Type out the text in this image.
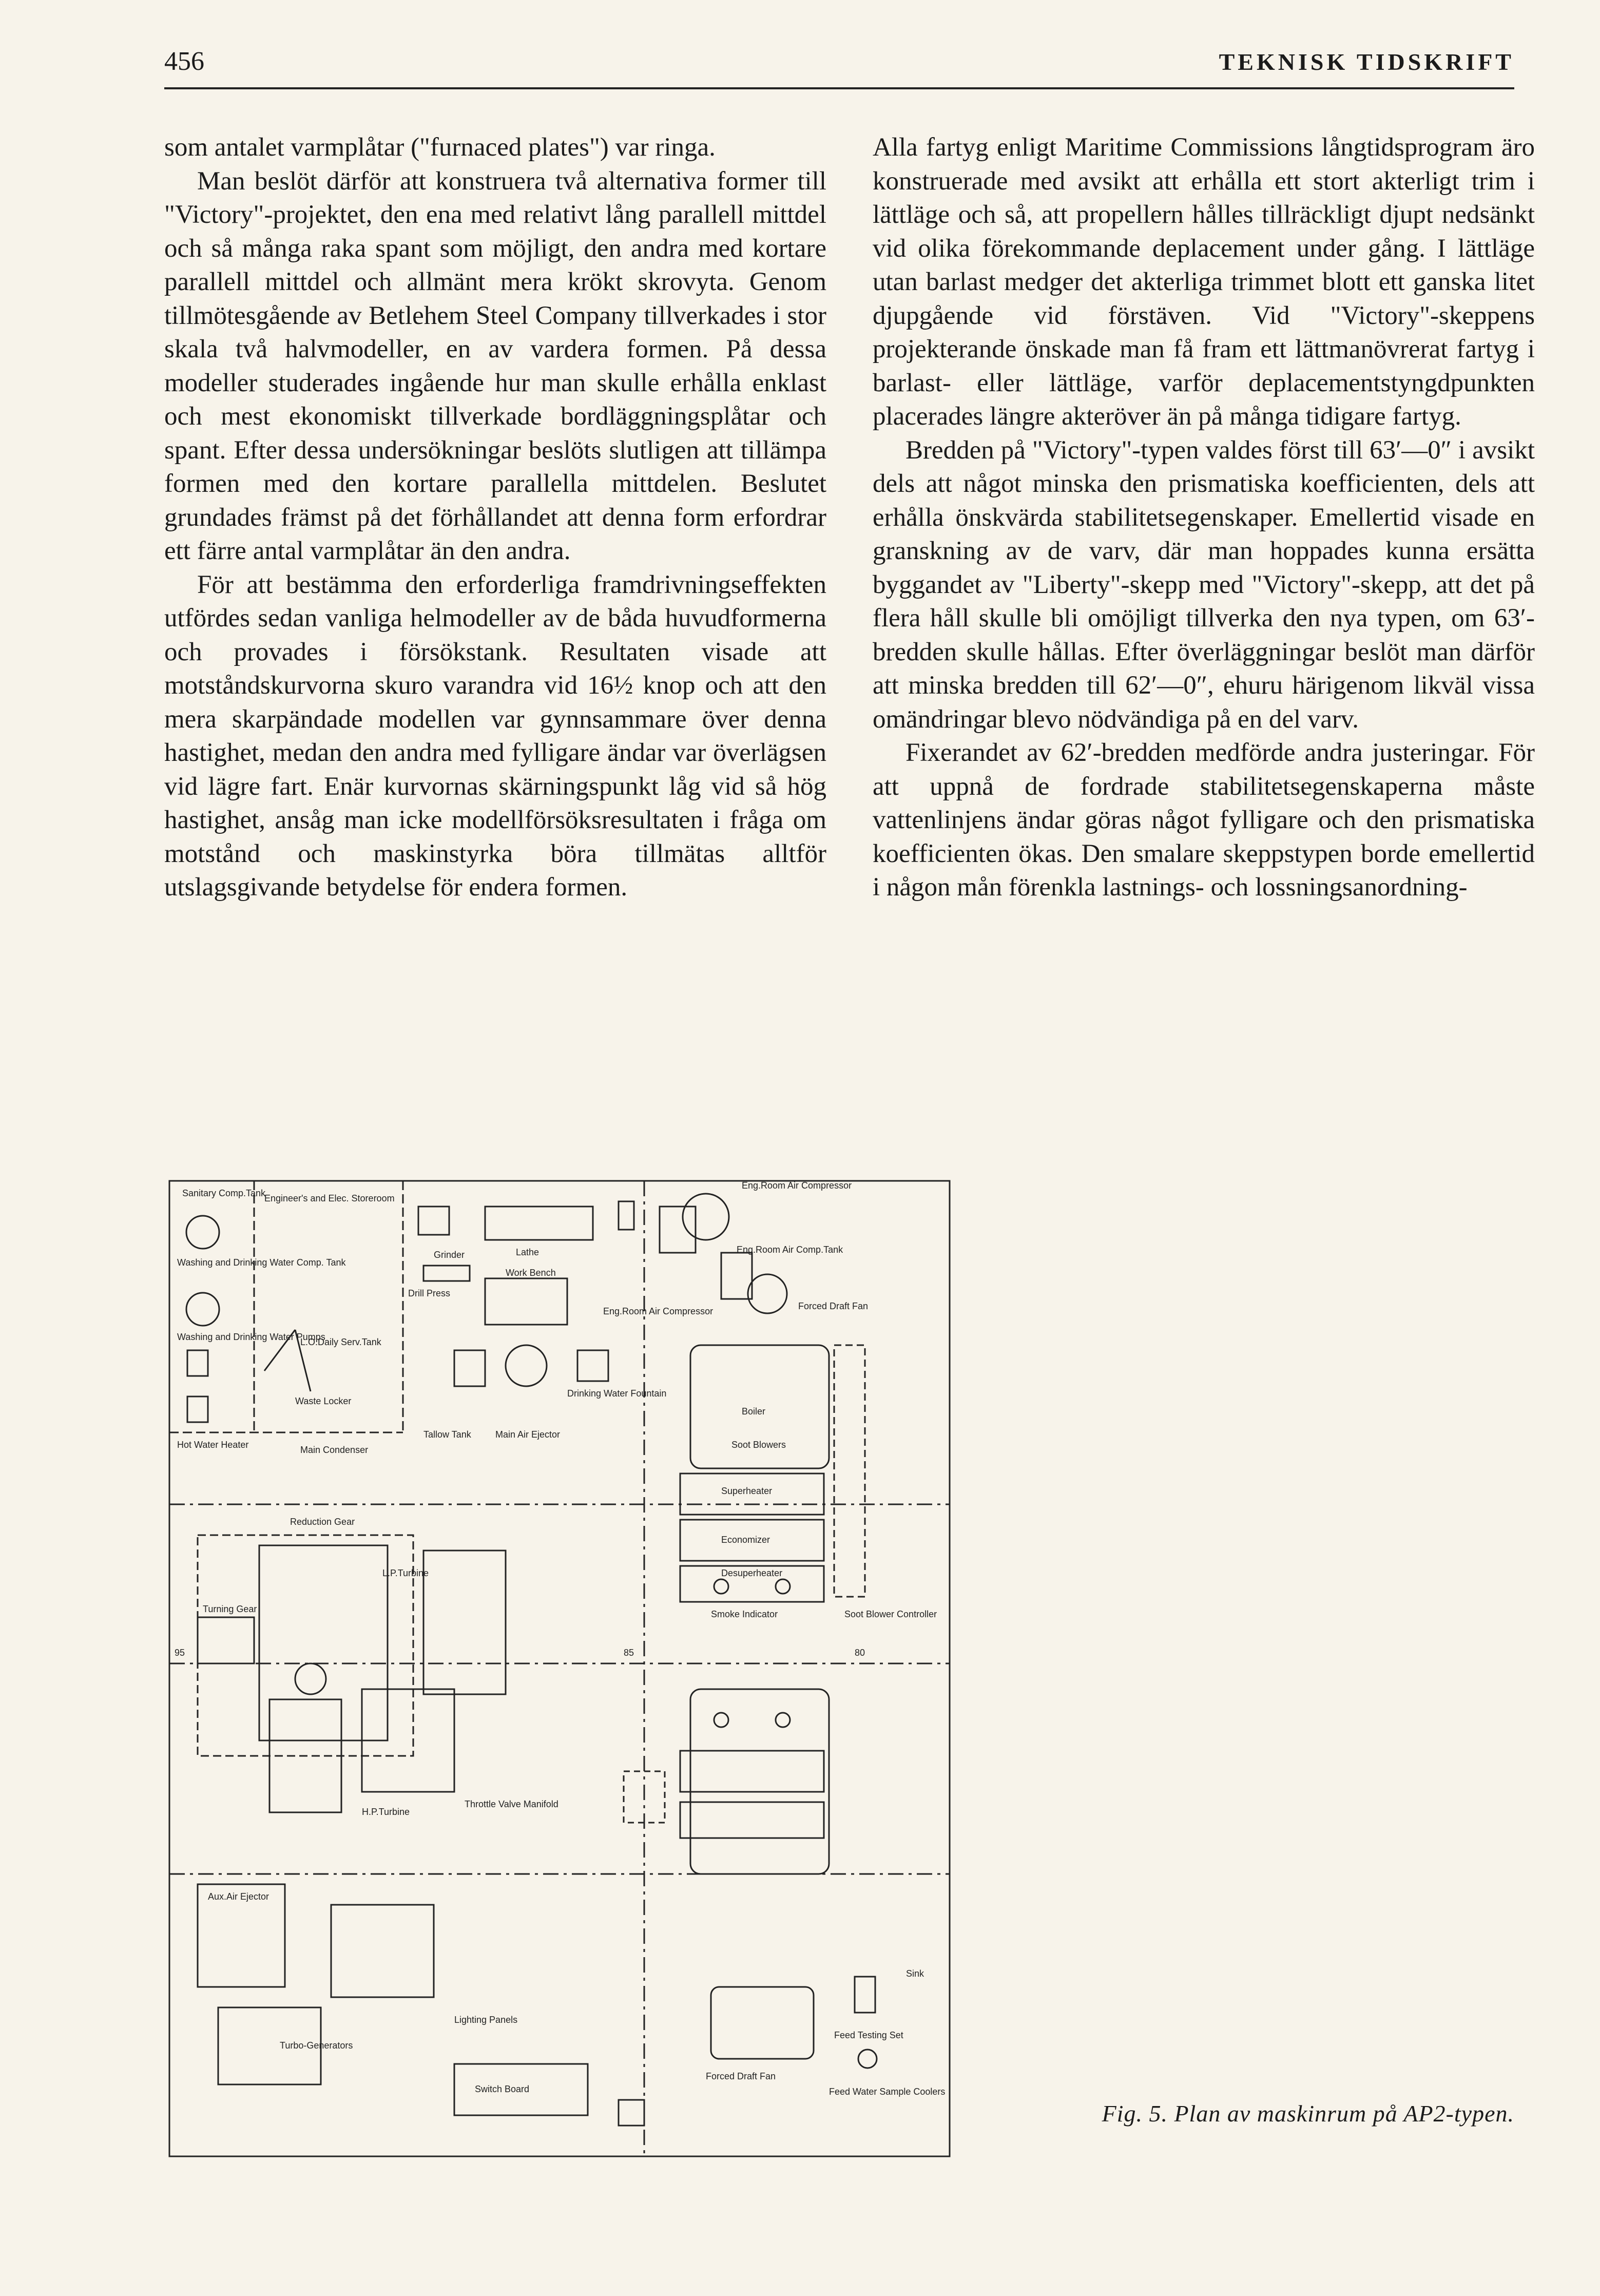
456	TEKNISK TIDSKRIFT

som antalet varmplåtar ("furnaced plates") var ringa.

Man beslöt därför att konstruera två alternativa former till "Victory"-projektet, den ena med relativt lång parallell mittdel och så många raka spant som möjligt, den andra med kortare parallell mittdel och allmänt mera krökt skrovyta. Genom tillmötesgående av Betlehem Steel Company tillverkades i stor skala två halvmodeller, en av vardera formen. På dessa modeller studerades ingående hur man skulle erhålla enklast och mest ekonomiskt tillverkade bordläggningsplåtar och spant. Efter dessa undersökningar beslöts slutligen att tillämpa formen med den kortare parallella mittdelen. Beslutet grundades främst på det förhållandet att denna form erfordrar ett färre antal varmplåtar än den andra.

För att bestämma den erforderliga framdrivningseffekten utfördes sedan vanliga helmodeller av de båda huvudformerna och provades i försökstank. Resultaten visade att motståndskurvorna skuro varandra vid 16½ knop och att den mera skarpändade modellen var gynnsammare över denna hastighet, medan den andra med fylligare ändar var överlägsen vid lägre fart. Enär kurvornas skärningspunkt låg vid så hög hastighet, ansåg man icke modellförsöksresultaten i fråga om motstånd och maskinstyrka böra tillmätas alltför utslagsgivande betydelse för endera formen.

Alla fartyg enligt Maritime Commissions långtidsprogram äro konstruerade med avsikt att erhålla ett stort akterligt trim i lättläge och så, att propellern hålles tillräckligt djupt nedsänkt vid olika förekommande deplacement under gång. I lättläge utan barlast medger det akterliga trimmet blott ett ganska litet djupgående vid förstäven. Vid "Victory"-skeppens projekterande önskade man få fram ett lättmanövrerat fartyg i barlast- eller lättläge, varför deplacementstyngdpunkten placerades längre akteröver än på många tidigare fartyg.

Bredden på "Victory"-typen valdes först till 63′—0″ i avsikt dels att något minska den prismatiska koefficienten, dels att erhålla önskvärda stabilitetsegenskaper. Emellertid visade en granskning av de varv, där man hoppades kunna ersätta byggandet av "Liberty"-skepp med "Victory"-skepp, att det på flera håll skulle bli omöjligt tillverka den nya typen, om 63′-bredden skulle hållas. Efter överläggningar beslöt man därför att minska bredden till 62′—0″, ehuru härigenom likväl vissa omändringar blevo nödvändiga på en del varv.

Fixerandet av 62′-bredden medförde andra justeringar. För att uppnå de fordrade stabilitetsegenskaperna måste vattenlinjens ändar göras något fylligare och den prismatiska koefficienten ökas. Den smalare skeppstypen borde emellertid i någon mån förenkla lastnings- och lossningsanordning-

Sanitary Comp.Tank
Engineer's and Elec. Storeroom
Washing and Drinking Water Comp. Tank
Washing and Drinking Water Pumps
L.O.Daily Serv.Tank
Waste Locker
Hot Water Heater
Grinder	Lathe
Drill Press
Work Bench
Drinking Water Fountain
Tallow Tank
Main Condenser
Main Air Ejector
Eng.Room Air Compressor
Eng.Room Air Comp.Tank
Eng.Room Air Compressor	Forced Draft Fan
Boiler
Soot Blowers
Superheater
Economizer
Desuperheater
Smoke Indicator	Soot Blower Controller
Reduction Gear
L.P.Turbine
Turning Gear
H.P.Turbine
Throttle Valve Manifold
Aux.Air Ejector
Lighting Panels
Turbo-Generators
Switch Board
Forced Draft Fan
Sink
Feed Testing Set
Feed Water Sample Coolers
95	85	80
Fig. 5. Plan av maskinrum på AP2-typen.
